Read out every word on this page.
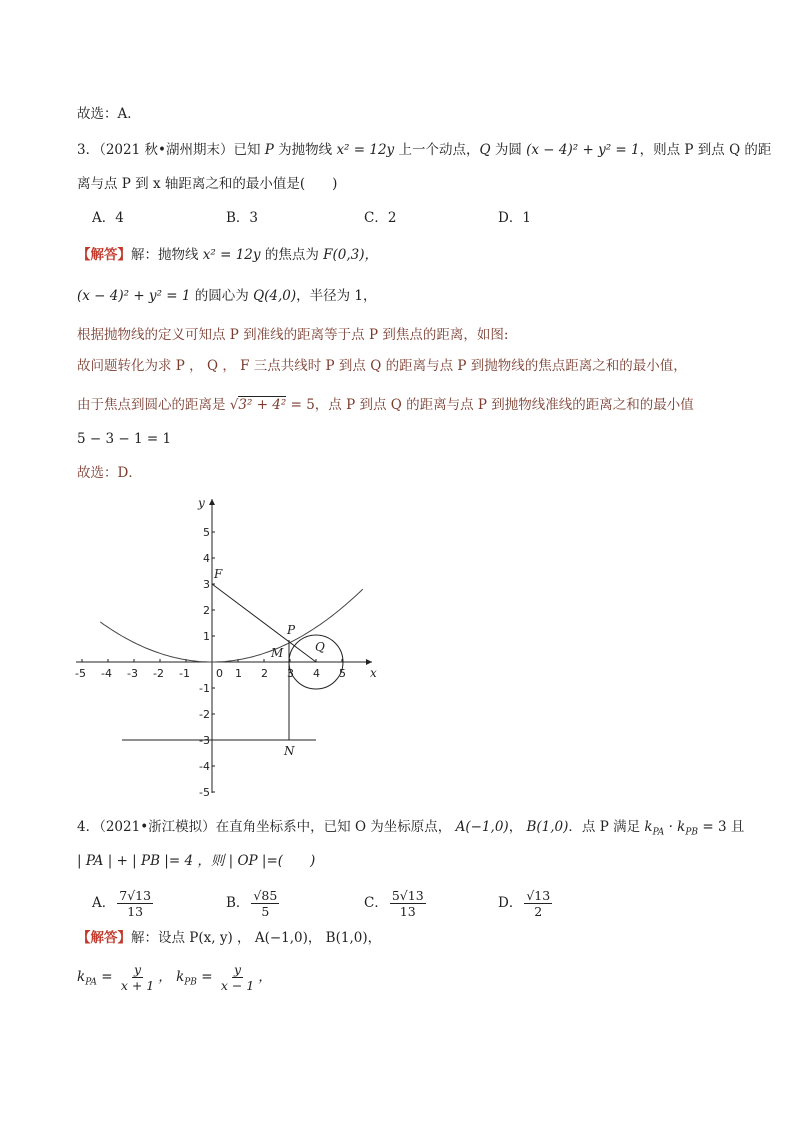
故选：A．
3．（2021 秋•湖州期末）已知 P 为抛物线 x² = 12y 上一个动点，Q 为圆 (x − 4)² + y² = 1，则点 P 到点 Q 的距
离与点 P 到 x 轴距离之和的最小值是(　　)
A．4	B．3	C．2	D．1
【解答】解：抛物线 x² = 12y 的焦点为 F(0,3)，
(x − 4)² + y² = 1 的圆心为 Q(4,0)，半径为 1，
根据抛物线的定义可知点 P 到准线的距离等于点 P 到焦点的距离，如图:
故问题转化为求 P ， Q ， F 三点共线时 P 到点 Q 的距离与点 P 到抛物线的焦点距离之和的最小值，
由于焦点到圆心的距离是 √3² + 4² = 5，点 P 到点 Q 的距离与点 P 到抛物线准线的距离之和的最小值
5 − 3 − 1 = 1
故选：D．
x
y
-5 -4 -3 -2 -1	1 2 3 4 5
5
4
3
2
1
-1
-2
-3
-4
-5
0
F
P
M	Q
N
4．（2021•浙江模拟）在直角坐标系中，已知 O 为坐标原点， A(−1,0)， B(1,0)．点 P 满足 $k_{PA} \cdot k_{PB} = 3$ 且
| PA | + | PB |= 4 ，则 | OP |=(　　)
A． $\frac{7√13}{13}$	B． $\frac{√85}{5}$	C． $\frac{5√13}{13}$	D． $\frac{√13}{2}$
【解答】解：设点 P(x, y) ， A(−1,0)， B(1,0)，
$k_{PA} = \frac{y}{x + 1}$ ， $k_{PB} = \frac{y}{x - 1}$ ，
